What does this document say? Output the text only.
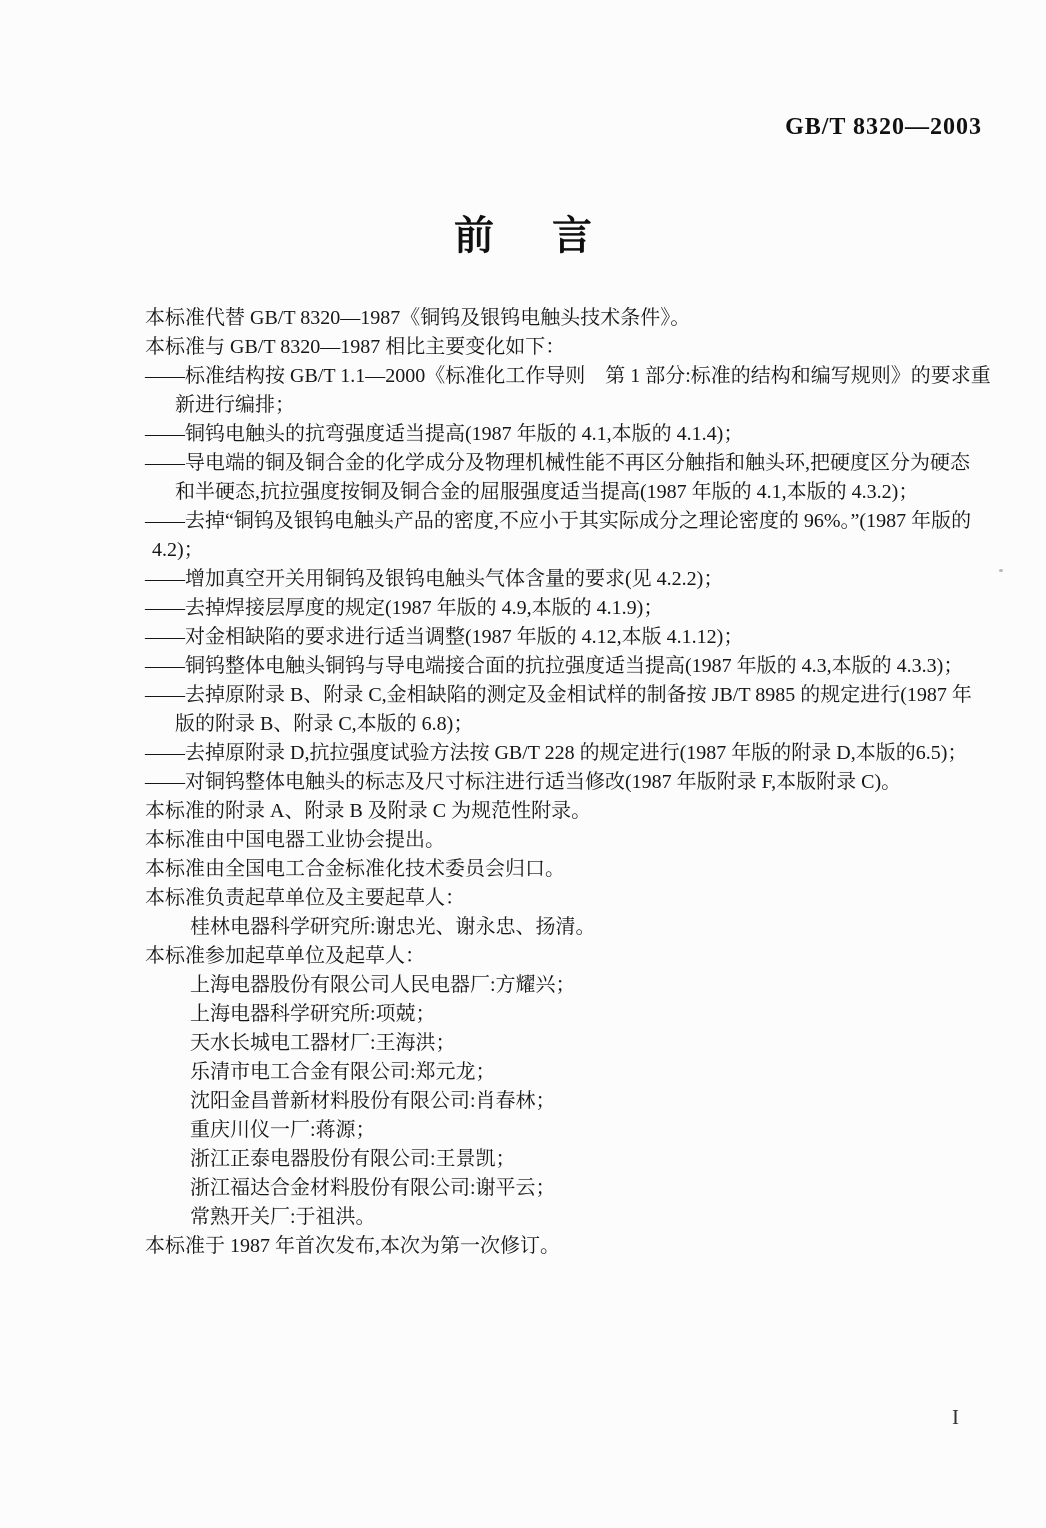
GB/T 8320—2003
前 言
本标准代替 GB/T 8320—1987《铜钨及银钨电触头技术条件》。
本标准与 GB/T 8320—1987 相比主要变化如下：
——标准结构按 GB/T 1.1—2000《标准化工作导则　第 1 部分:标准的结构和编写规则》的要求重
新进行编排；
——铜钨电触头的抗弯强度适当提高(1987 年版的 4.1,本版的 4.1.4)；
——导电端的铜及铜合金的化学成分及物理机械性能不再区分触指和触头环,把硬度区分为硬态
和半硬态,抗拉强度按铜及铜合金的屈服强度适当提高(1987 年版的 4.1,本版的 4.3.2)；
——去掉“铜钨及银钨电触头产品的密度,不应小于其实际成分之理论密度的 96%。”(1987 年版的
4.2)；
——增加真空开关用铜钨及银钨电触头气体含量的要求(见 4.2.2)；
——去掉焊接层厚度的规定(1987 年版的 4.9,本版的 4.1.9)；
——对金相缺陷的要求进行适当调整(1987 年版的 4.12,本版 4.1.12)；
——铜钨整体电触头铜钨与导电端接合面的抗拉强度适当提高(1987 年版的 4.3,本版的 4.3.3)；
——去掉原附录 B、附录 C,金相缺陷的测定及金相试样的制备按 JB/T 8985 的规定进行(1987 年
版的附录 B、附录 C,本版的 6.8)；
——去掉原附录 D,抗拉强度试验方法按 GB/T 228 的规定进行(1987 年版的附录 D,本版的6.5)；
——对铜钨整体电触头的标志及尺寸标注进行适当修改(1987 年版附录 F,本版附录 C)。
本标准的附录 A、附录 B 及附录 C 为规范性附录。
本标准由中国电器工业协会提出。
本标准由全国电工合金标准化技术委员会归口。
本标准负责起草单位及主要起草人：
桂林电器科学研究所:谢忠光、谢永忠、扬清。
本标准参加起草单位及起草人：
上海电器股份有限公司人民电器厂:方耀兴；
上海电器科学研究所:项兢；
天水长城电工器材厂:王海洪；
乐清市电工合金有限公司:郑元龙；
沈阳金昌普新材料股份有限公司:肖春林；
重庆川仪一厂:蒋源；
浙江正泰电器股份有限公司:王景凯；
浙江福达合金材料股份有限公司:谢平云；
常熟开关厂:于祖洪。
本标准于 1987 年首次发布,本次为第一次修订。
I
